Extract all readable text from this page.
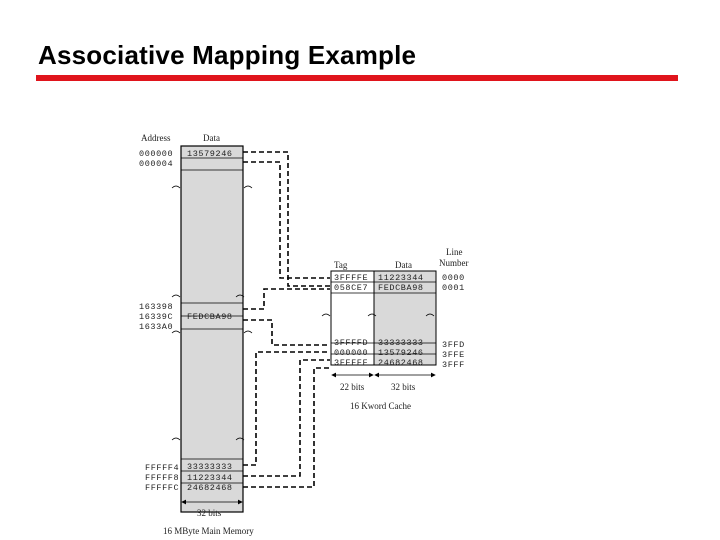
Associative Mapping Example
Address	Data
000000 13579246
000004
163398
16339C FEDCBA98
1633A0
FFFFF4 33333333
FFFFF8 11223344
FFFFFC 24682468
32 bits
16 MByte Main Memory
Tag	Data
Line
Number
3FFFFE 11223344 0000
058CE7 FEDCBA98 0001
3FFFFD 33333333 3FFD
000000 13579246 3FFE
3FFFFF 24682468 3FFF
22 bits	32 bits
16 Kword Cache
